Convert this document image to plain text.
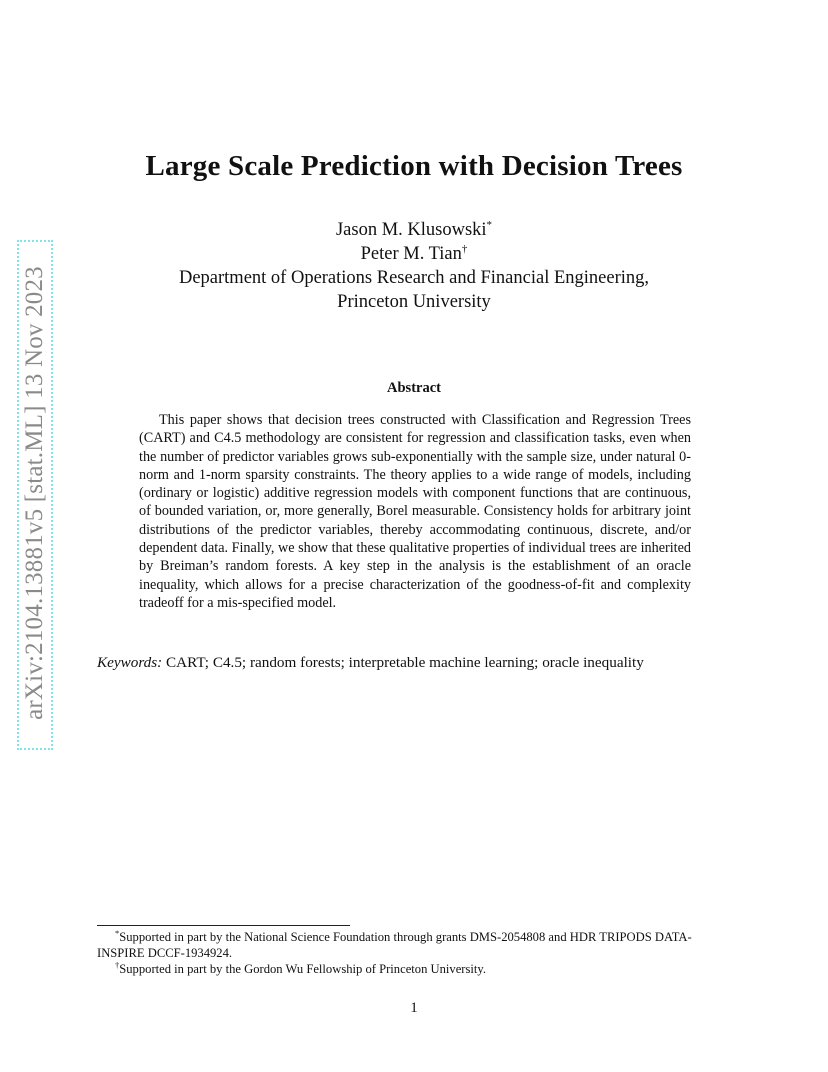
arXiv:2104.13881v5 [stat.ML] 13 Nov 2023
Large Scale Prediction with Decision Trees
Jason M. Klusowski*
Peter M. Tian†
Department of Operations Research and Financial Engineering,
Princeton University
Abstract
This paper shows that decision trees constructed with Classification and Regression Trees (CART) and C4.5 methodology are consistent for regression and classification tasks, even when the number of predictor variables grows sub-exponentially with the sample size, under natural 0-norm and 1-norm sparsity constraints. The theory applies to a wide range of models, including (ordinary or logistic) additive regression models with component functions that are continuous, of bounded variation, or, more generally, Borel measurable. Consistency holds for arbitrary joint distributions of the predictor variables, thereby accommodating continuous, discrete, and/or dependent data. Finally, we show that these qualitative properties of individual trees are inherited by Breiman’s random forests. A key step in the analysis is the establishment of an oracle inequality, which allows for a precise characterization of the goodness-of-fit and complexity tradeoff for a mis-specified model.
Keywords: CART; C4.5; random forests; interpretable machine learning; oracle inequality

*Supported in part by the National Science Foundation through grants DMS-2054808 and HDR TRIPODS DATA-INSPIRE DCCF-1934924.

†Supported in part by the Gordon Wu Fellowship of Princeton University.

1
